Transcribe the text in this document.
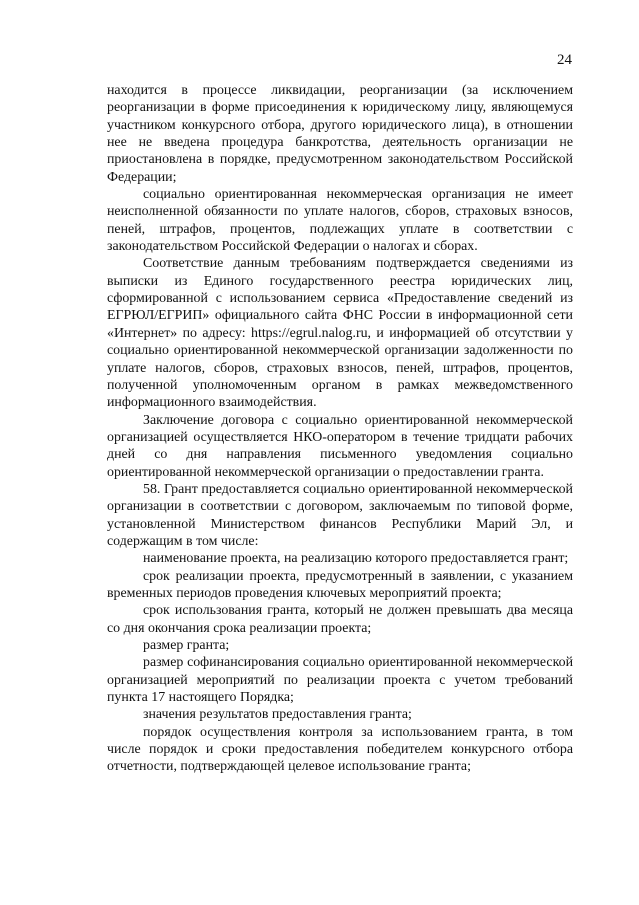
24

находится в процессе ликвидации, реорганизации (за исключением реорганизации в форме присоединения к юридическому лицу, являющемуся участником конкурсного отбора, другого юридического лица), в отношении нее не введена процедура банкротства, деятельность организации не приостановлена в порядке, предусмотренном законодательством Российской Федерации;

социально ориентированная некоммерческая организация не имеет неисполненной обязанности по уплате налогов, сборов, страховых взносов, пеней, штрафов, процентов, подлежащих уплате в соответствии с законодательством Российской Федерации о налогах и сборах.

Соответствие данным требованиям подтверждается сведениями из выписки из Единого государственного реестра юридических лиц, сформированной с использованием сервиса «Предоставление сведений из ЕГРЮЛ/ЕГРИП» официального сайта ФНС России в информационной сети «Интернет» по адресу: https://egrul.nalog.ru, и информацией об отсутствии у социально ориентированной некоммерческой организации задолженности по уплате налогов, сборов, страховых взносов, пеней, штрафов, процентов, полученной уполномоченным органом в рамках межведомственного информационного взаимодействия.

Заключение договора с социально ориентированной некоммерческой организацией осуществляется НКО-оператором в течение тридцати рабочих дней со дня направления письменного уведомления социально ориентированной некоммерческой организации о предоставлении гранта.

58. Грант предоставляется социально ориентированной некоммерческой организации в соответствии с договором, заключаемым по типовой форме, установленной Министерством финансов Республики Марий Эл, и содержащим в том числе:

наименование проекта, на реализацию которого предоставляется грант;

срок реализации проекта, предусмотренный в заявлении, с указанием временных периодов проведения ключевых мероприятий проекта;

срок использования гранта, который не должен превышать два месяца со дня окончания срока реализации проекта;

размер гранта;

размер софинансирования социально ориентированной некоммерческой организацией мероприятий по реализации проекта с учетом требований пункта 17 настоящего Порядка;

значения результатов предоставления гранта;

порядок осуществления контроля за использованием гранта, в том числе порядок и сроки предоставления победителем конкурсного отбора отчетности, подтверждающей целевое использование гранта;
